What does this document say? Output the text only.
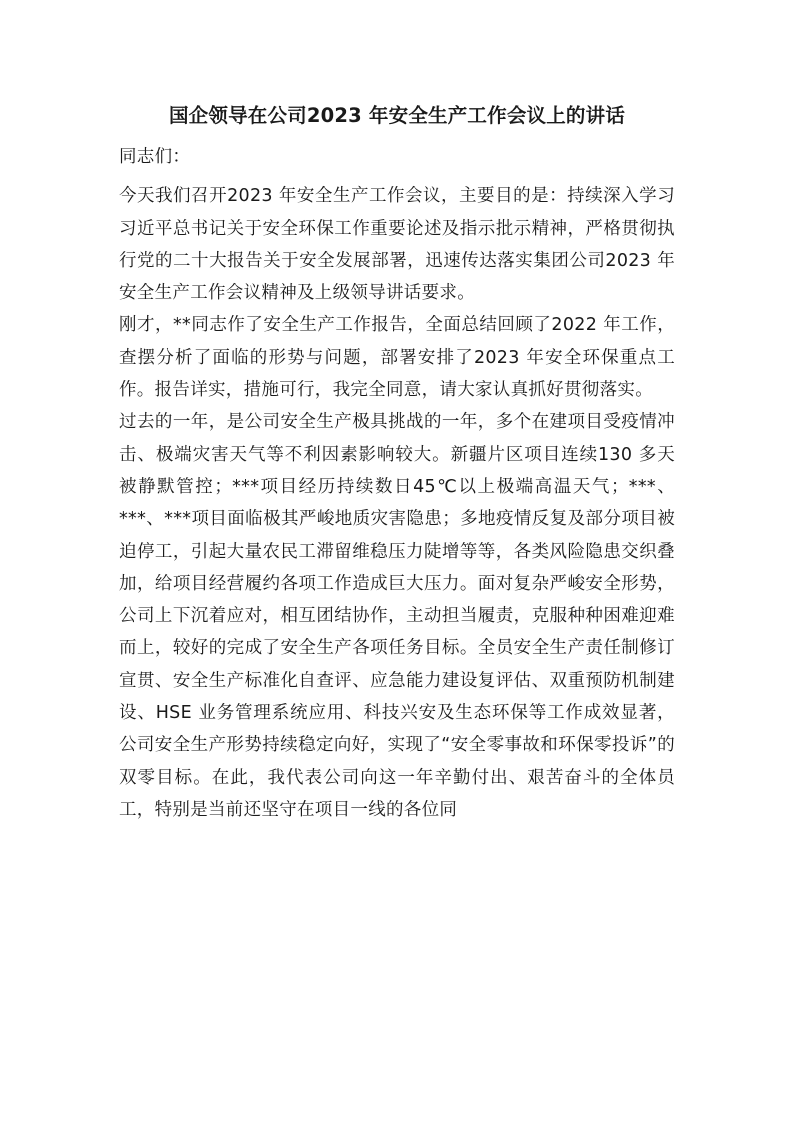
国企领导在公司2023 年安全生产工作会议上的讲话

同志们：

今天我们召开2023 年安全生产工作会议，主要目的是：持续深入学习习近平总书记关于安全环保工作重要论述及指示批示精神，严格贯彻执行党的二十大报告关于安全发展部署，迅速传达落实集团公司2023 年安全生产工作会议精神及上级领导讲话要求。

刚才，**同志作了安全生产工作报告，全面总结回顾了2022 年工作，查摆分析了面临的形势与问题，部署安排了2023 年安全环保重点工作。报告详实，措施可行，我完全同意，请大家认真抓好贯彻落实。

过去的一年，是公司安全生产极具挑战的一年，多个在建项目受疫情冲击、极端灾害天气等不利因素影响较大。新疆片区项目连续130 多天被静默管控；***项目经历持续数日45℃以上极端高温天气；***、***、***项目面临极其严峻地质灾害隐患；多地疫情反复及部分项目被迫停工，引起大量农民工滞留维稳压力陡增等等，各类风险隐患交织叠加，给项目经营履约各项工作造成巨大压力。面对复杂严峻安全形势，公司上下沉着应对，相互团结协作，主动担当履责，克服种种困难迎难而上，较好的完成了安全生产各项任务目标。全员安全生产责任制修订宣贯、安全生产标准化自查评、应急能力建设复评估、双重预防机制建设、HSE 业务管理系统应用、科技兴安及生态环保等工作成效显著，公司安全生产形势持续稳定向好，实现了“安全零事故和环保零投诉”的双零目标。在此，我代表公司向这一年辛勤付出、艰苦奋斗的全体员工，特别是当前还坚守在项目一线的各位同
